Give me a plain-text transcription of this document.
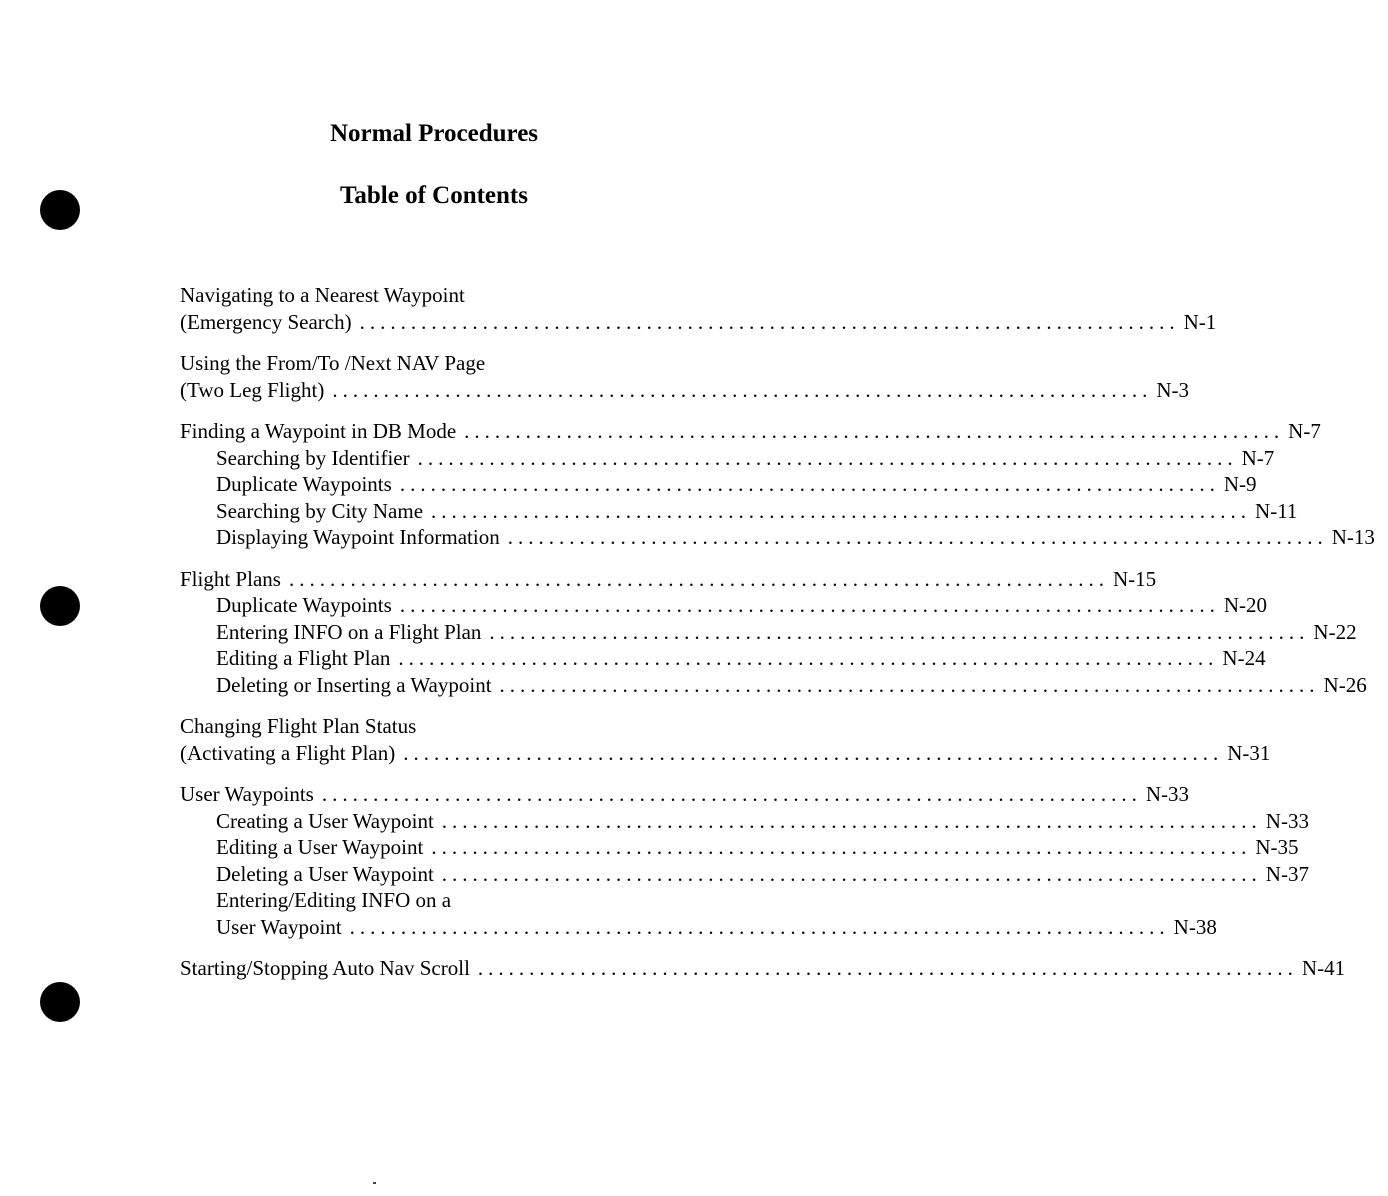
Normal Procedures
Table of Contents
Navigating to a Nearest Waypoint
(Emergency Search) ................................................................................ N-1
Using the From/To /Next NAV Page
(Two Leg Flight) ................................................................................ N-3
Finding a Waypoint in DB Mode ................................................................................ N-7
Searching by Identifier ................................................................................ N-7
Duplicate Waypoints ................................................................................ N-9
Searching by City Name ................................................................................ N-11
Displaying Waypoint Information ................................................................................ N-13
Flight Plans ................................................................................ N-15
Duplicate Waypoints ................................................................................ N-20
Entering INFO on a Flight Plan ................................................................................ N-22
Editing a Flight Plan ................................................................................ N-24
Deleting or Inserting a Waypoint ................................................................................ N-26
Changing Flight Plan Status
(Activating a Flight Plan) ................................................................................ N-31
User Waypoints ................................................................................ N-33
Creating a User Waypoint ................................................................................ N-33
Editing a User Waypoint ................................................................................ N-35
Deleting a User Waypoint ................................................................................ N-37
Entering/Editing INFO on a
User Waypoint ................................................................................ N-38
Starting/Stopping Auto Nav Scroll ................................................................................ N-41
